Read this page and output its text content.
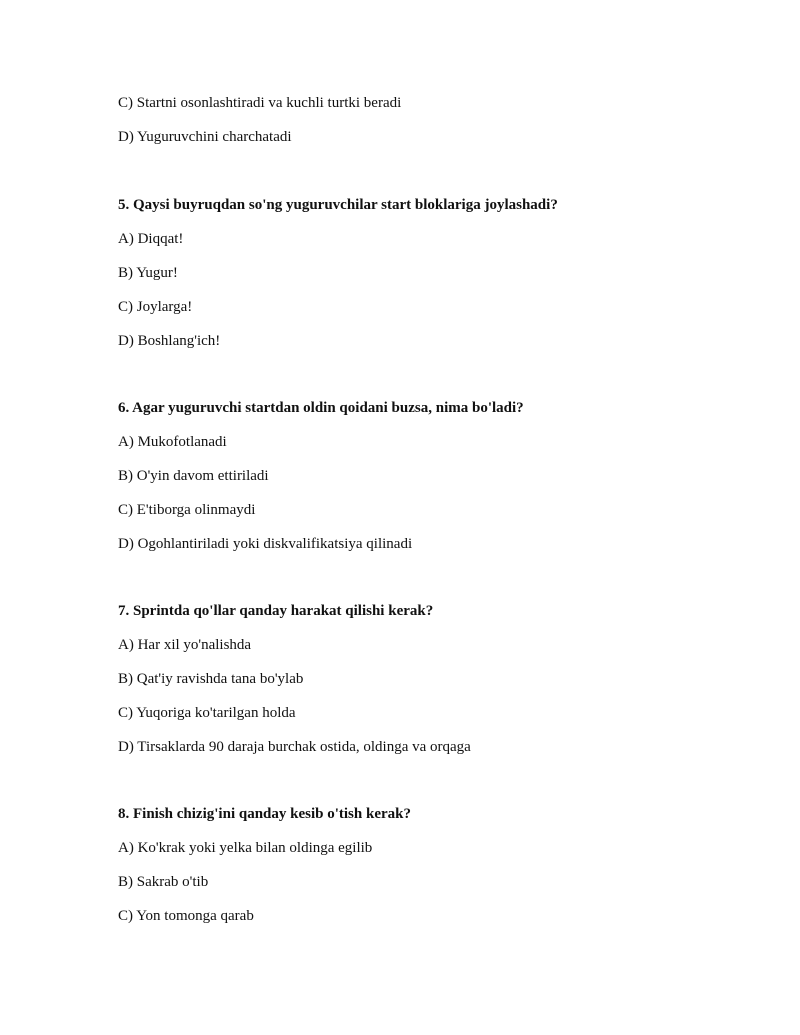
C) Startni osonlashtiradi va kuchli turtki beradi
D) Yuguruvchini charchatadi
5. Qaysi buyruqdan so'ng yuguruvchilar start bloklariga joylashadi?
A) Diqqat!
B) Yugur!
C) Joylarga!
D) Boshlang'ich!
6. Agar yuguruvchi startdan oldin qoidani buzsa, nima bo'ladi?
A) Mukofotlanadi
B) O'yin davom ettiriladi
C) E'tiborga olinmaydi
D) Ogohlantiriladi yoki diskvalifikatsiya qilinadi
7. Sprintda qo'llar qanday harakat qilishi kerak?
A) Har xil yo'nalishda
B) Qat'iy ravishda tana bo'ylab
C) Yuqoriga ko'tarilgan holda
D) Tirsaklarda 90 daraja burchak ostida, oldinga va orqaga
8. Finish chizig'ini qanday kesib o'tish kerak?
A) Ko'krak yoki yelka bilan oldinga egilib
B) Sakrab o'tib
C) Yon tomonga qarab
